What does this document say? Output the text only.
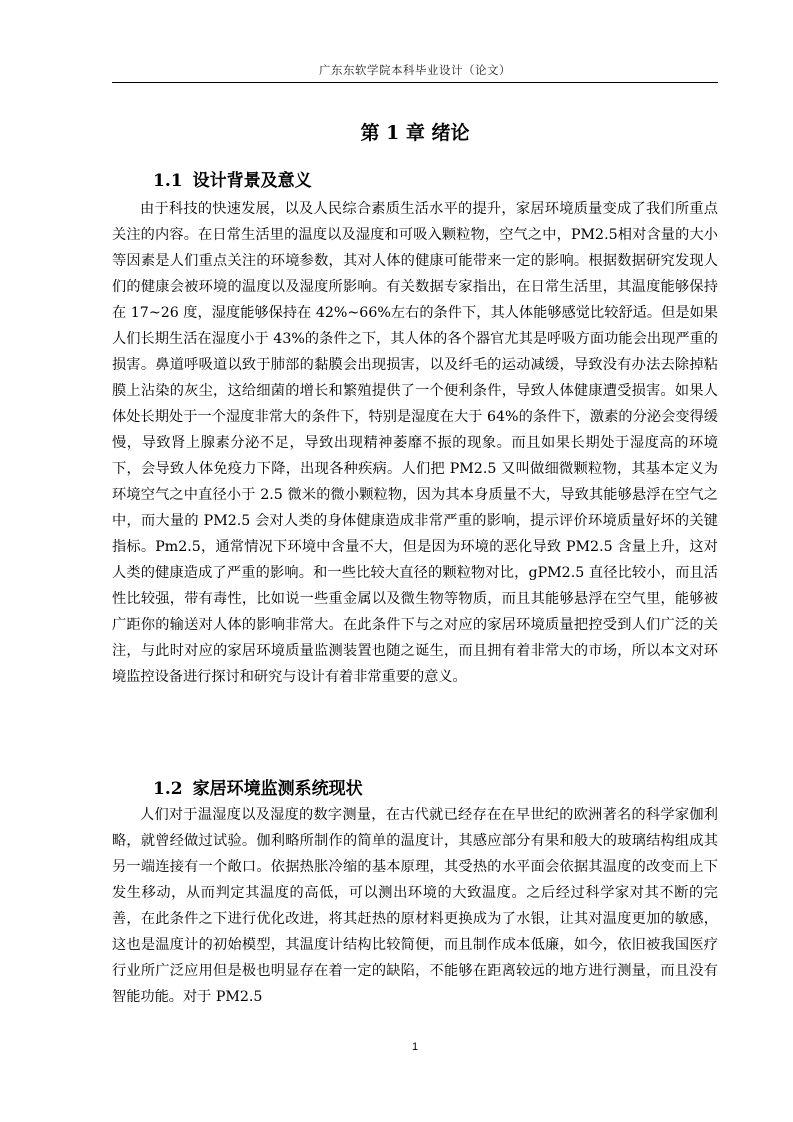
广东东软学院本科毕业设计（论文）
第 1 章 绪论
1.1 设计背景及意义
由于科技的快速发展，以及人民综合素质生活水平的提升，家居环境质量变成了我们所重点关注的内容。在日常生活里的温度以及湿度和可吸入颗粒物，空气之中，PM2.5相对含量的大小等因素是人们重点关注的环境参数，其对人体的健康可能带来一定的影响。根据数据研究发现人们的健康会被环境的温度以及湿度所影响。有关数据专家指出，在日常生活里，其温度能够保持在 17~26 度，湿度能够保持在 42%~66%左右的条件下，其人体能够感觉比较舒适。但是如果人们长期生活在湿度小于 43%的条件之下，其人体的各个器官尤其是呼吸方面功能会出现严重的损害。鼻道呼吸道以致于肺部的黏膜会出现损害，以及纤毛的运动减缓，导致没有办法去除掉粘膜上沾染的灰尘，这给细菌的增长和繁殖提供了一个便利条件，导致人体健康遭受损害。如果人体处长期处于一个湿度非常大的条件下，特别是湿度在大于 64%的条件下，激素的分泌会变得缓慢，导致肾上腺素分泌不足，导致出现精神萎靡不振的现象。而且如果长期处于湿度高的环境下，会导致人体免疫力下降，出现各种疾病。人们把 PM2.5 又叫做细微颗粒物，其基本定义为环境空气之中直径小于 2.5 微米的微小颗粒物，因为其本身质量不大，导致其能够悬浮在空气之中，而大量的 PM2.5 会对人类的身体健康造成非常严重的影响，提示评价环境质量好坏的关键指标。Pm2.5，通常情况下环境中含量不大，但是因为环境的恶化导致 PM2.5 含量上升，这对人类的健康造成了严重的影响。和一些比较大直径的颗粒物对比，gPM2.5 直径比较小，而且活性比较强，带有毒性，比如说一些重金属以及微生物等物质，而且其能够悬浮在空气里，能够被广距你的输送对人体的影响非常大。在此条件下与之对应的家居环境质量把控受到人们广泛的关注，与此时对应的家居环境质量监测装置也随之诞生，而且拥有着非常大的市场，所以本文对环境监控设备进行探讨和研究与设计有着非常重要的意义。
1.2 家居环境监测系统现状
人们对于温湿度以及湿度的数字测量，在古代就已经存在在早世纪的欧洲著名的科学家伽利略，就曾经做过试验。伽利略所制作的简单的温度计，其感应部分有果和般大的玻璃结构组成其另一端连接有一个敞口。依据热胀冷缩的基本原理，其受热的水平面会依据其温度的改变而上下发生移动，从而判定其温度的高低，可以测出环境的大致温度。之后经过科学家对其不断的完善，在此条件之下进行优化改进，将其赶热的原材料更换成为了水银，让其对温度更加的敏感，这也是温度计的初始模型，其温度计结构比较简便，而且制作成本低廉，如今，依旧被我国医疗行业所广泛应用但是极也明显存在着一定的缺陷，不能够在距离较远的地方进行测量，而且没有智能功能。对于 PM2.5
1
